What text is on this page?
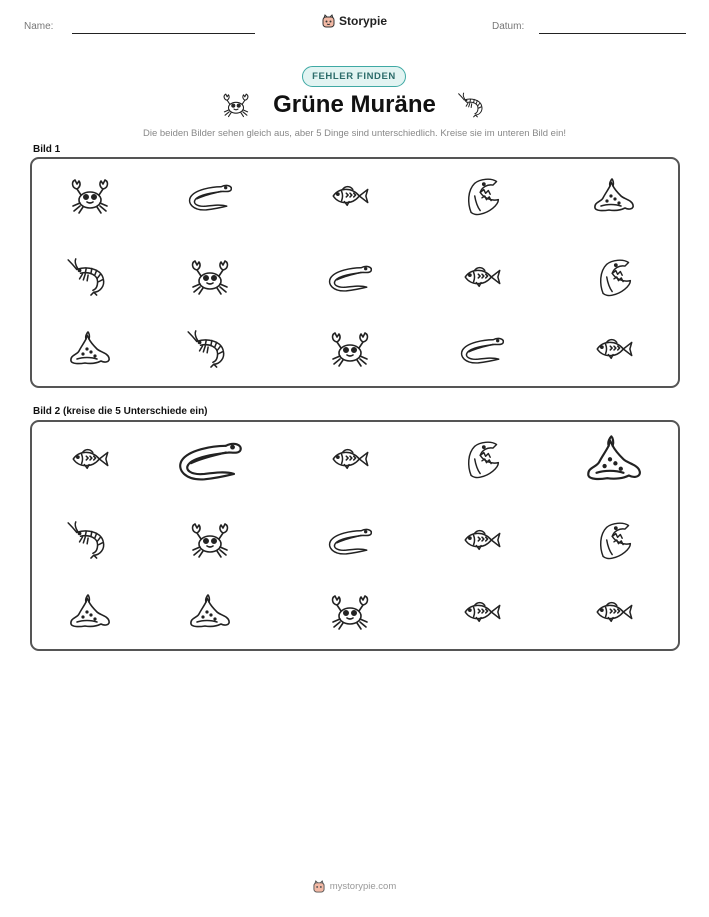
Name:	Storypie	Datum:
FEHLER FINDEN
Grüne Muräne
Die beiden Bilder sehen gleich aus, aber 5 Dinge sind unterschiedlich. Kreise sie im unteren Bild ein!
Bild 1
Bild 2 (kreise die 5 Unterschiede ein)
mystorypie.com
